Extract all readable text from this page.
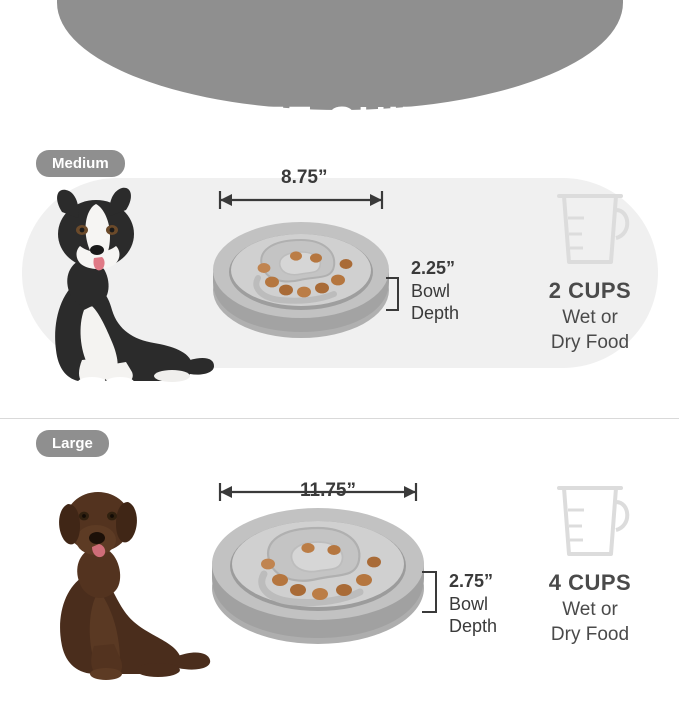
SIZE GUIDE
Medium
8.75”
2.25”
Bowl
Depth
2 CUPS
Wet or
Dry Food
Large
11.75”
2.75”
Bowl
Depth
4 CUPS
Wet or
Dry Food
